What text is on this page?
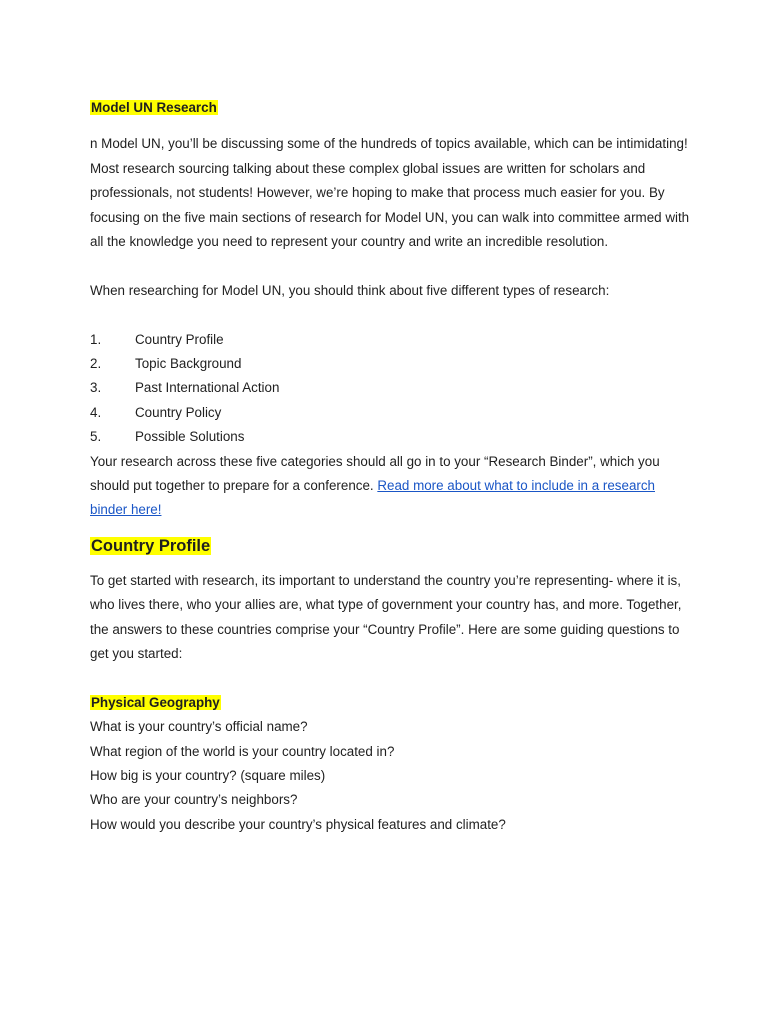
Model UN Research

n Model UN, you’ll be discussing some of the hundreds of topics available, which can be intimidating! Most research sourcing talking about these complex global issues are written for scholars and professionals, not students! However, we’re hoping to make that process much easier for you. By focusing on the five main sections of research for Model UN, you can walk into committee armed with all the knowledge you need to represent your country and write an incredible resolution.

When researching for Model UN, you should think about five different types of research:

1.	Country Profile
2.	Topic Background
3.	Past International Action
4.	Country Policy
5.	Possible Solutions

Your research across these five categories should all go in to your “Research Binder”, which you should put together to prepare for a conference. Read more about what to include in a research binder here!

Country Profile

To get started with research, its important to understand the country you’re representing- where it is, who lives there, who your allies are, what type of government your country has, and more. Together, the answers to these countries comprise your “Country Profile”. Here are some guiding questions to get you started:

Physical Geography
What is your country’s official name?
What region of the world is your country located in?
How big is your country? (square miles)
Who are your country’s neighbors?
How would you describe your country’s physical features and climate?
